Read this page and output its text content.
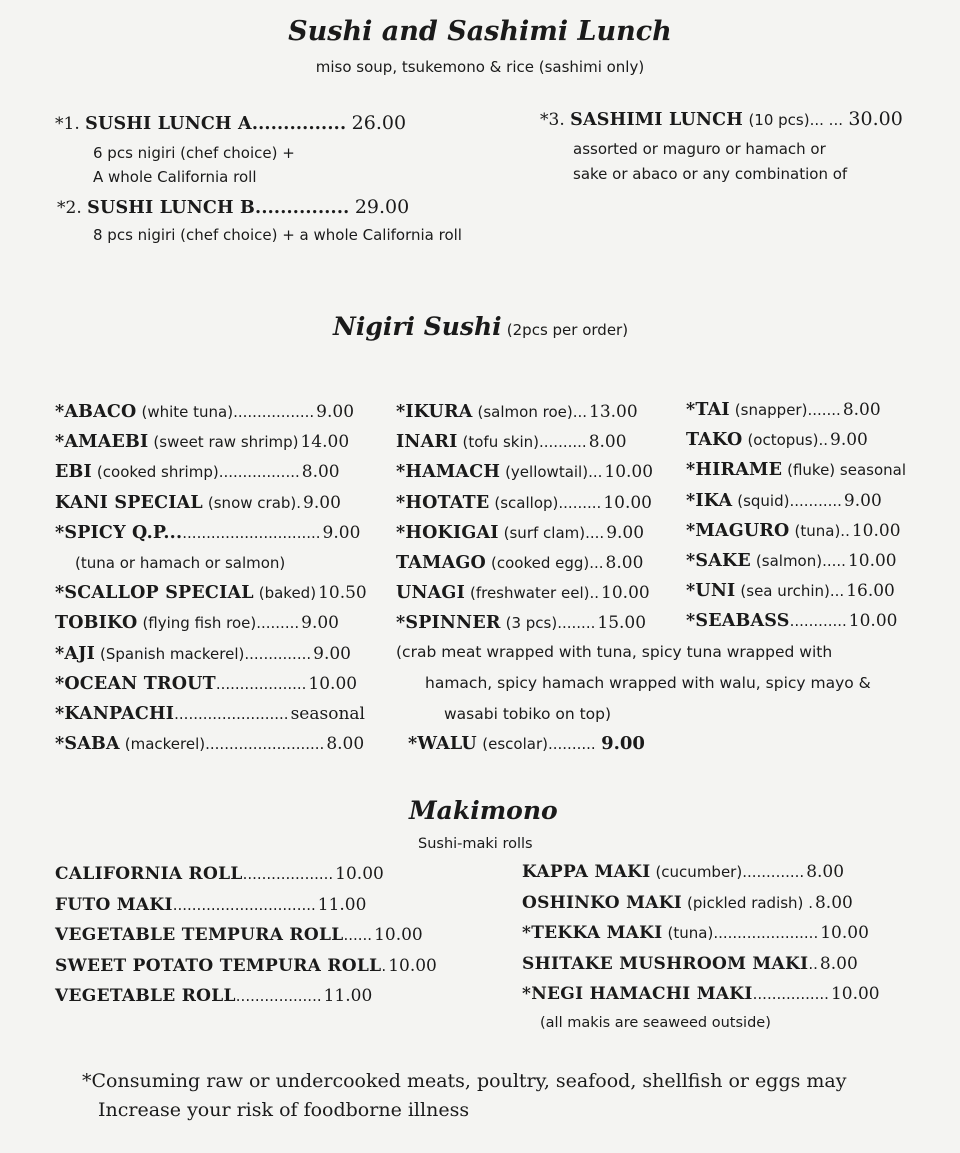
Sushi and Sashimi Lunch
miso soup, tsukemono & rice (sashimi only)
*1. SUSHI LUNCH A............... 26.00
6 pcs nigiri (chef choice) +
A whole California roll
*2. SUSHI LUNCH B............... 29.00
8 pcs nigiri (chef choice) + a whole California roll
*3. SASHIMI LUNCH (10 pcs)... ... 30.00
assorted or maguro or hamach or
sake or abaco or any combination of
Nigiri Sushi (2pcs per order)
*ABACO (white tuna)................. 9.00
*AMAEBI (sweet raw shrimp) 14.00
EBI (cooked shrimp)................. 8.00
KANI SPECIAL (snow crab). 9.00
*SPICY Q.P................................ 9.00
(tuna or hamach or salmon)
*SCALLOP SPECIAL (baked) 10.50
TOBIKO (flying fish roe)......... 9.00
*AJI (Spanish mackerel).............. 9.00
*OCEAN TROUT................... 10.00
*KANPACHI........................ seasonal
*SABA (mackerel)......................... 8.00
*IKURA (salmon roe)... 13.00
INARI (tofu skin).......... 8.00
*HAMACH (yellowtail)... 10.00
*HOTATE (scallop)......... 10.00
*HOKIGAI (surf clam).... 9.00
TAMAGO (cooked egg)... 8.00
UNAGI (freshwater eel).. 10.00
*SPINNER (3 pcs)........ 15.00
*TAI (snapper)....... 8.00
TAKO (octopus).. 9.00
*HIRAME (fluke) seasonal
*IKA (squid)........... 9.00
*MAGURO (tuna).. 10.00
*SAKE (salmon)..... 10.00
*UNI (sea urchin)... 16.00
*SEABASS............ 10.00
(crab meat wrapped with tuna, spicy tuna wrapped with
hamach, spicy hamach wrapped with walu, spicy mayo &
wasabi tobiko on top)
*WALU (escolar).......... 9.00
Makimono
Sushi-maki rolls
CALIFORNIA ROLL................... 10.00
FUTO MAKI.............................. 11.00
VEGETABLE TEMPURA ROLL...... 10.00
SWEET POTATO TEMPURA ROLL. 10.00
VEGETABLE ROLL.................. 11.00
KAPPA MAKI (cucumber)............. 8.00
OSHINKO MAKI (pickled radish) . 8.00
*TEKKA MAKI (tuna)...................... 10.00
SHITAKE MUSHROOM MAKI.. 8.00
*NEGI HAMACHI MAKI................ 10.00
(all makis are seaweed outside)
*Consuming raw or undercooked meats, poultry, seafood, shellfish or eggs may
Increase your risk of foodborne illness
